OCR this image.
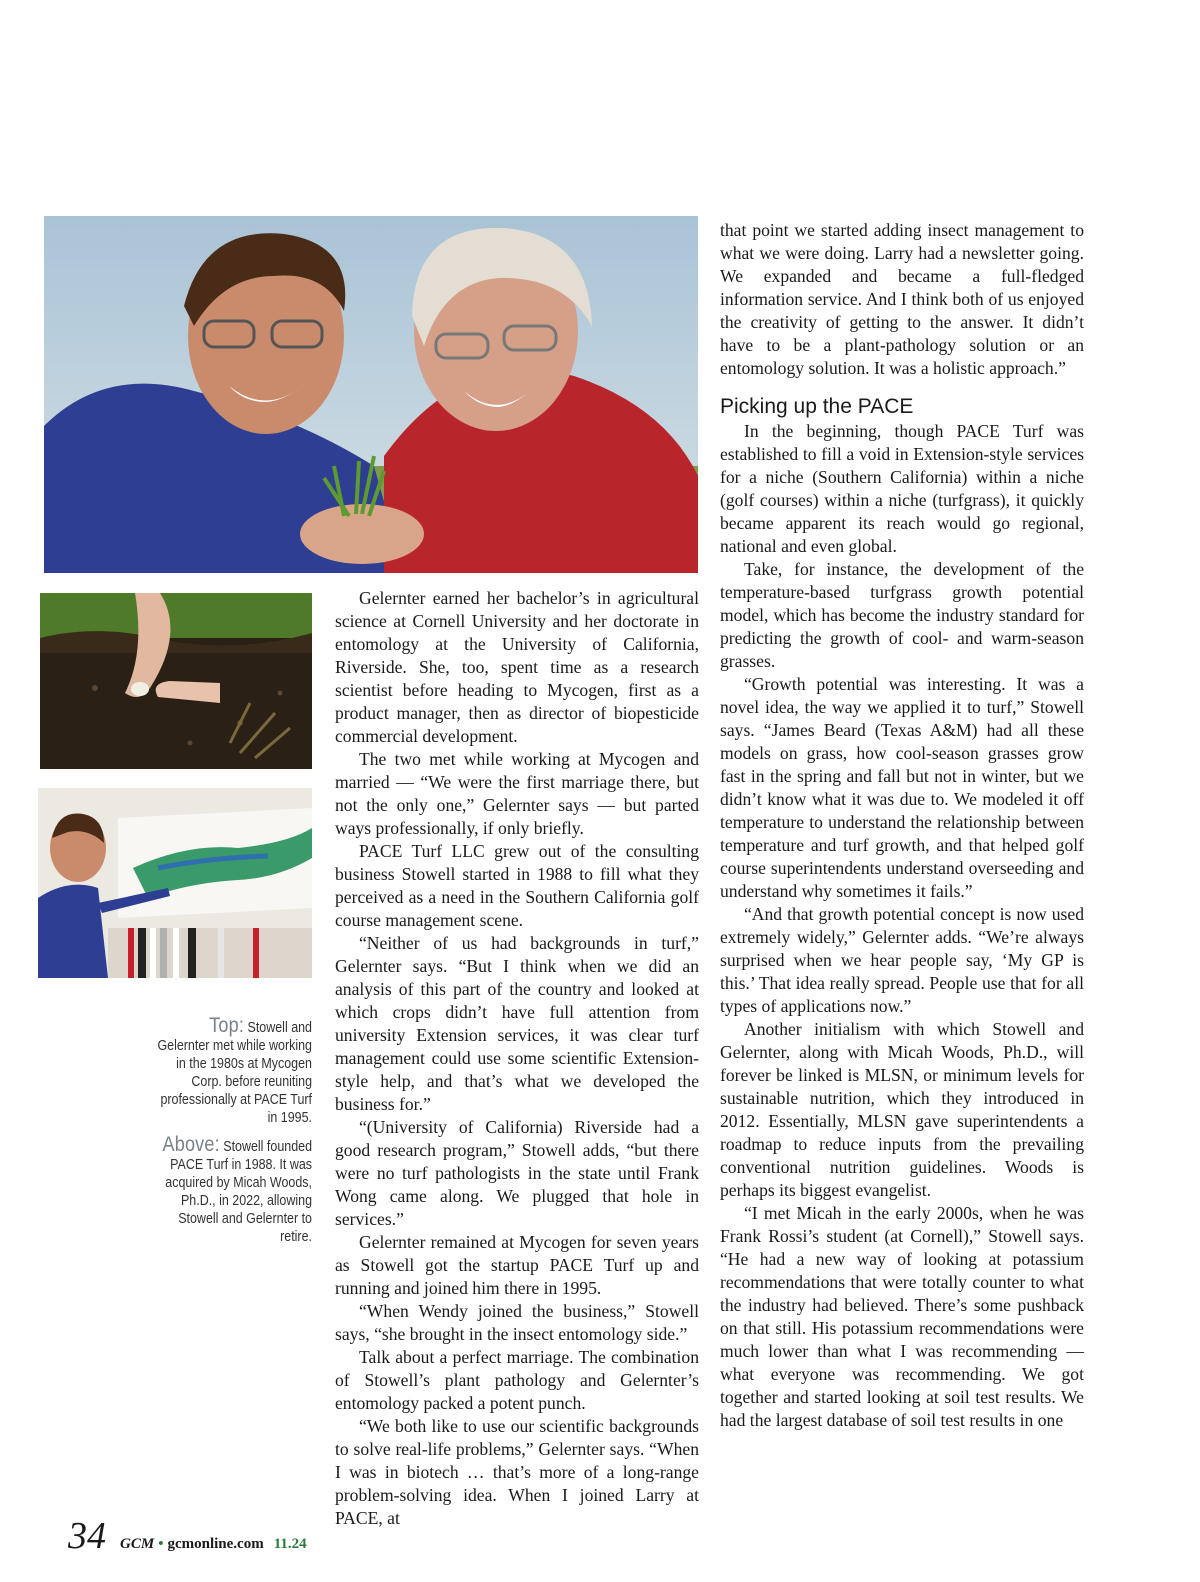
Top: Stowell and Gelernter met while working in the 1980s at Mycogen Corp. before reuniting professionally at PACE Turf in 1995.
Above: Stowell founded PACE Turf in 1988. It was acquired by Micah Woods, Ph.D., in 2022, allowing Stowell and Gelernter to retire.

Gelernter earned her bachelor’s in agricultural science at Cornell University and her doctorate in entomology at the University of California, Riverside. She, too, spent time as a research scientist before heading to Mycogen, first as a product manager, then as director of biopesticide commercial development.

The two met while working at Mycogen and married — “We were the first marriage there, but not the only one,” Gelernter says — but parted ways professionally, if only briefly.

PACE Turf LLC grew out of the consulting business Stowell started in 1988 to fill what they perceived as a need in the Southern California golf course management scene.

“Neither of us had backgrounds in turf,” Gelernter says. “But I think when we did an analysis of this part of the country and looked at which crops didn’t have full attention from university Extension services, it was clear turf management could use some scientific Extension-style help, and that’s what we developed the business for.”

“(University of California) Riverside had a good research program,” Stowell adds, “but there were no turf pathologists in the state until Frank Wong came along. We plugged that hole in services.”

Gelernter remained at Mycogen for seven years as Stowell got the startup PACE Turf up and running and joined him there in 1995.

“When Wendy joined the business,” Stowell says, “she brought in the insect entomology side.”

Talk about a perfect marriage. The combination of Stowell’s plant pathology and Gelernter’s entomology packed a potent punch.

“We both like to use our scientific backgrounds to solve real-life problems,” Gelernter says. “When I was in biotech … that’s more of a long-range problem-solving idea. When I joined Larry at PACE, at

that point we started adding insect management to what we were doing. Larry had a newsletter going. We expanded and became a full-fledged information service. And I think both of us enjoyed the creativity of getting to the answer. It didn’t have to be a plant-pathology solution or an entomology solution. It was a holistic approach.”

Picking up the PACE

In the beginning, though PACE Turf was established to fill a void in Extension-style services for a niche (Southern California) within a niche (golf courses) within a niche (turfgrass), it quickly became apparent its reach would go regional, national and even global.

Take, for instance, the development of the temperature-based turfgrass growth potential model, which has become the industry standard for predicting the growth of cool- and warm-season grasses.

“Growth potential was interesting. It was a novel idea, the way we applied it to turf,” Stowell says. “James Beard (Texas A&M) had all these models on grass, how cool-season grasses grow fast in the spring and fall but not in winter, but we didn’t know what it was due to. We modeled it off temperature to understand the relationship between temperature and turf growth, and that helped golf course superintendents understand overseeding and understand why sometimes it fails.”

“And that growth potential concept is now used extremely widely,” Gelernter adds. “We’re always surprised when we hear people say, ‘My GP is this.’ That idea really spread. People use that for all types of applications now.”

Another initialism with which Stowell and Gelernter, along with Micah Woods, Ph.D., will forever be linked is MLSN, or minimum levels for sustainable nutrition, which they introduced in 2012. Essentially, MLSN gave superintendents a roadmap to reduce inputs from the prevailing conventional nutrition guidelines. Woods is perhaps its biggest evangelist.

“I met Micah in the early 2000s, when he was Frank Rossi’s student (at Cornell),” Stowell says. “He had a new way of looking at potassium recommendations that were totally counter to what the industry had believed. There’s some pushback on that still. His potassium recommendations were much lower than what I was recommending — what everyone was recommending. We got together and started looking at soil test results. We had the largest database of soil test results in one

34 GCM • gcmonline.com 11.24
